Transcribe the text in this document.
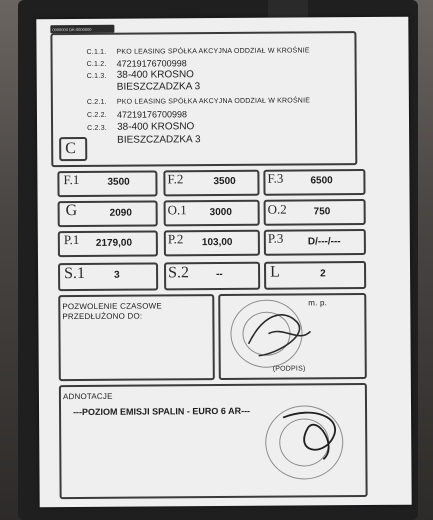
0000000 DK-0000000
C
C.1.1. PKO LEASING SPÓŁKA AKCYJNA ODDZIAŁ W KROŚNIE
C.1.2. 47219176700998
C.1.3. 38-400 KROSNO
BIESZCZADZKA 3
C.2.1. PKO LEASING SPÓŁKA AKCYJNA ODDZIAŁ W KROŚNIE
C.2.2. 47219176700998
C.2.3. 38-400 KROSNO
BIESZCZADZKA 3
F.1	3500	F.2	3500 F.3	6500
G	2090	O.1 3000	O.2	750
P.1 2179,00	P.2 103,00	P.3 D/---/---
S.1	3	S.2	--	L	2
POZWOLENIE CZASOWE
PRZEDŁUŻONO DO:
m. p.
(PODPIS)
ADNOTACJE
---POZIOM EMISJI SPALIN - EURO 6 AR---
